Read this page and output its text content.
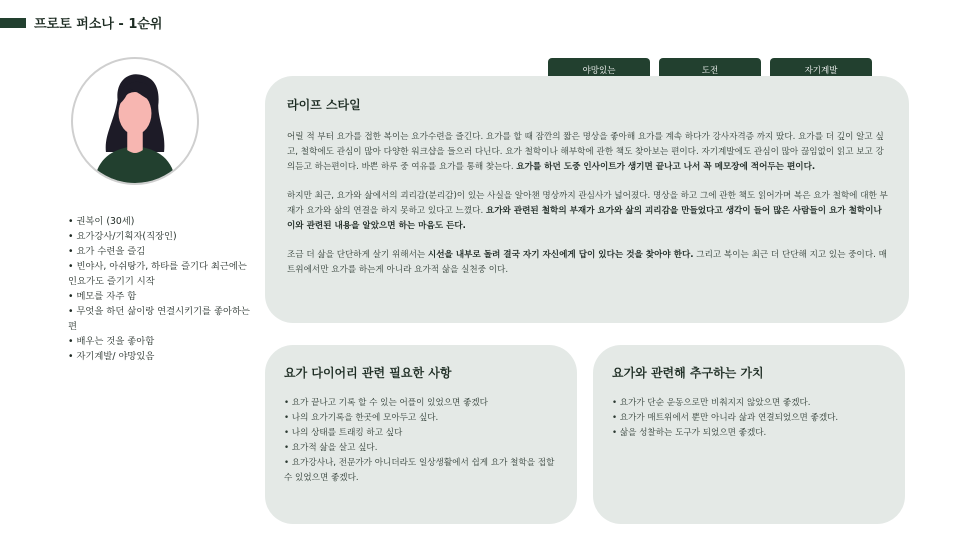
프로토 퍼소나 - 1순위
• 권복이 (30세)
• 요가강사/기획자(직장인)
• 요가 수련을 즐김
• 빈야사, 아쉬탕가, 하타를 즐기다 최근에는 인요가도 즐기기 시작
• 메모를 자주 함
• 무엇을 하던 삶이랑 연결시키기를 좋아하는 편
• 배우는 것을 좋아함
• 자기계발/ 야망있음
야망있는	도전	자기계발
라이프 스타일

어릴 적 부터 요가를 접한 복이는 요가수련을 즐긴다. 요가를 할 때 잠깐의 짧은 명상을 좋아해 요가를 계속 하다가 강사자격증 까지 땄다. 요가를 더 깊이 알고 싶고, 철학에도 관심이 많아 다양한 워크샵을 들으러 다닌다. 요가 철학이나 해부학에 관한 책도 찾아보는 편이다. 자기계발에도 관심이 많아 끊임없이 읽고 보고 강의듣고 하는편이다. 바쁜 하루 중 여유를 요가를 통해 찾는다. 요가를 하던 도중 인사이트가 생기면 끝나고 나서 꼭 메모장에 적어두는 편이다.

하지만 최근, 요가와 삶에서의 괴리감(분리감)이 있는 사실을 알아챈 명상까지 관심사가 넓어졌다. 명상을 하고 그에 관한 책도 읽어가며 복은 요가 철학에 대한 부재가 요가와 삶의 연결을 하지 못하고 있다고 느꼈다. 요가와 관련된 철학의 부재가 요가와 삶의 괴리감을 만들었다고 생각이 들어 많은 사람들이 요가 철학이나 이와 관련된 내용을 알았으면 하는 마음도 든다.

조금 더 삶을 단단하게 살기 위해서는 시선을 내부로 돌려 결국 자기 자신에게 답이 있다는 것을 찾아야 한다. 그리고 복이는 최근 더 단단해 지고 있는 중이다. 매트위에서만 요가를 하는게 아니라 요가적 삶을 실천중 이다.

요가 다이어리 관련 필요한 사항
• 요가 끝나고 기록 할 수 있는 어플이 있었으면 좋겠다
• 나의 요가기록을 한곳에 모아두고 싶다.
• 나의 상태를 트래킹 하고 싶다
• 요가적 삶을 살고 싶다.
• 요가강사나, 전문가가 아니더라도 일상생활에서 쉽게 요가 철학을 접할 수 있었으면 좋겠다.
요가와 관련해 추구하는 가치
• 요가가 단순 운동으로만 비춰지지 않았으면 좋겠다.
• 요가가 매트위에서 뿐만 아니라 삶과 연결되었으면 좋겠다.
• 삶을 성찰하는 도구가 되었으면 좋겠다.
